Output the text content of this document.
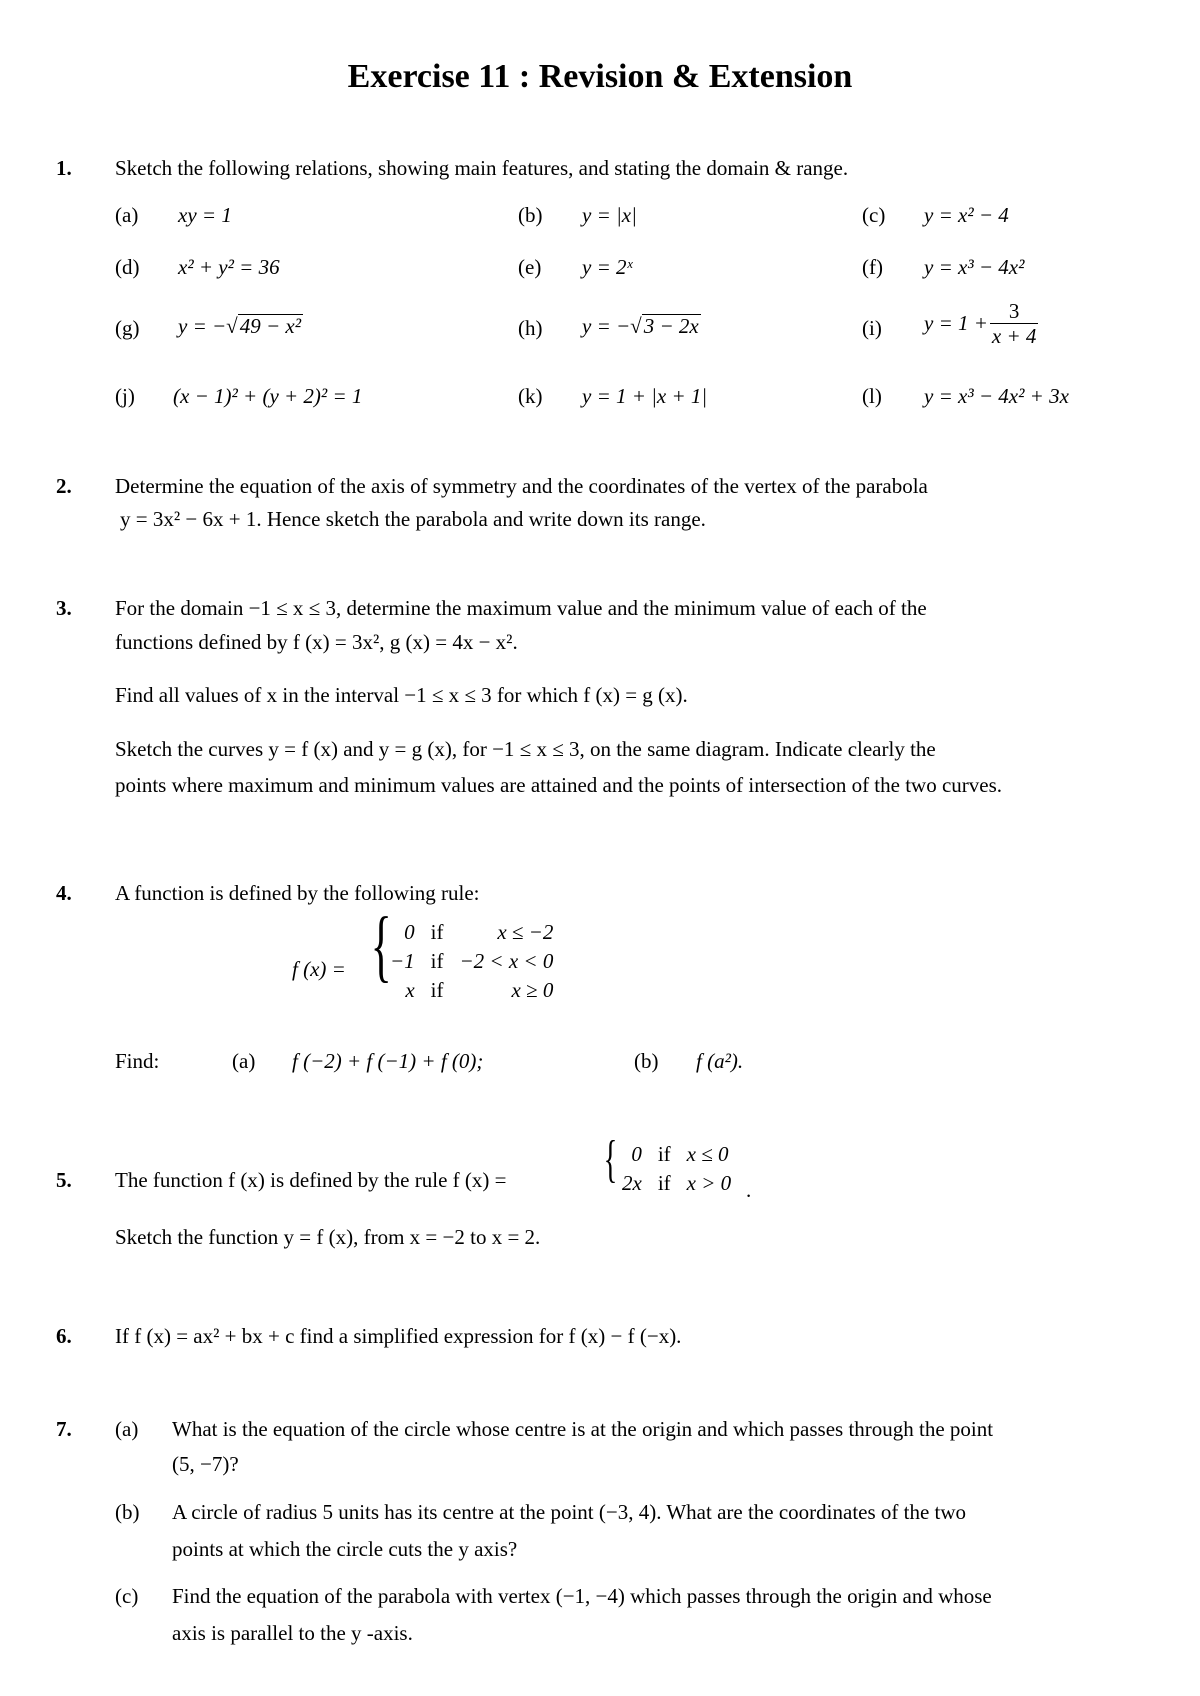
Exercise 11 : Revision & Extension
1. Sketch the following relations, showing main features, and stating the domain & range.
(a) xy = 1	(b) y = |x|	(c) y = x² − 4
(d) x² + y² = 36	(e) y = 2ˣ	(f) y = x³ − 4x²
(g) y = −√49 − x²	(h) y = −√3 − 2x	(i) $y = 1 + \frac{3}{x + 4}$
(j) (x − 1)² + (y + 2)² = 1	(k) y = 1 + |x + 1|	(l) y = x³ − 4x² + 3x
2. Determine the equation of the axis of symmetry and the coordinates of the vertex of the parabola
y = 3x² − 6x + 1. Hence sketch the parabola and write down its range.
3. For the domain −1 ≤ x ≤ 3, determine the maximum value and the minimum value of each of the
functions defined by f (x) = 3x², g (x) = 4x − x².
Find all values of x in the interval −1 ≤ x ≤ 3 for which f (x) = g (x).
Sketch the curves y = f (x) and y = g (x), for −1 ≤ x ≤ 3, on the same diagram. Indicate clearly the
points where maximum and minimum values are attained and the points of intersection of the two curves.
4. A function is defined by the following rule:
f (x) = { 0	if	x ≤ −2
−1	if	−2 < x < 0
x	if	x ≥ 0
Find:	(a) f (−2) + f (−1) + f (0);	(b) f (a²).
5. The function f (x) is defined by the rule f (x) = { 0	if	x ≤ 0
2x	if	x > 0 .
Sketch the function y = f (x), from x = −2 to x = 2.
6. If f (x) = ax² + bx + c find a simplified expression for f (x) − f (−x).
7. (a) What is the equation of the circle whose centre is at the origin and which passes through the point
(5, −7)?
(b) A circle of radius 5 units has its centre at the point (−3, 4). What are the coordinates of the two
points at which the circle cuts the y axis?
(c) Find the equation of the parabola with vertex (−1, −4) which passes through the origin and whose
axis is parallel to the y -axis.
